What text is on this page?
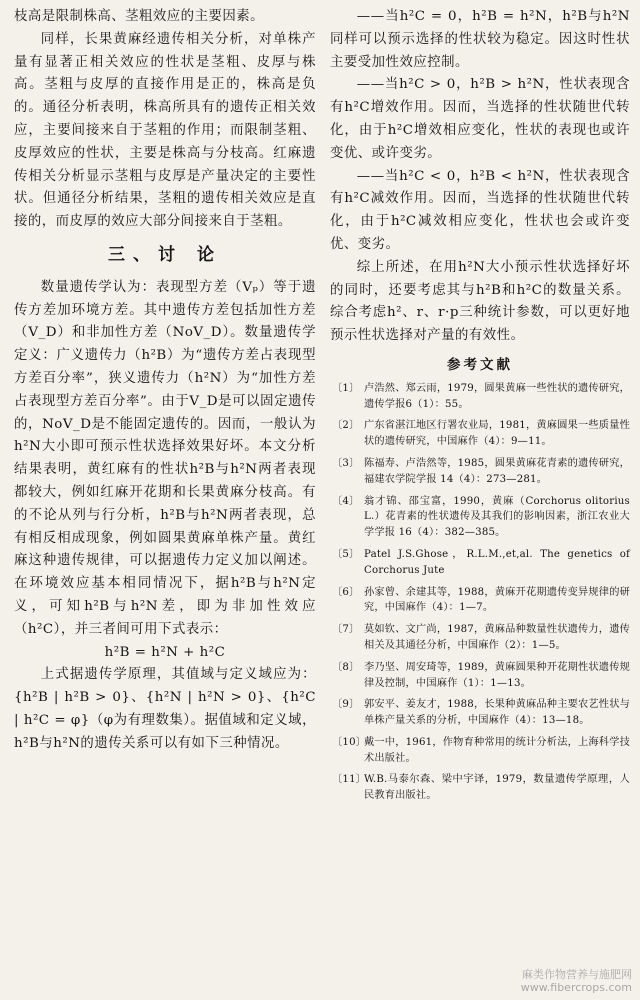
枝高是限制株高、茎粗效应的主要因素。

同样，长果黄麻经遗传相关分析，对单株产量有显著正相关效应的性状是茎粗、皮厚与株高。茎粗与皮厚的直接作用是正的，株高是负的。通径分析表明，株高所具有的遗传正相关效应，主要间接来自于茎粗的作用；而限制茎粗、皮厚效应的性状，主要是株高与分枝高。红麻遗传相关分析显示茎粗与皮厚是产量决定的主要性状。但通径分析结果，茎粗的遗传相关效应是直接的，而皮厚的效应大部分间接来自于茎粗。

三、讨 论

数量遗传学认为：表现型方差（Vₚ）等于遗传方差加环境方差。其中遗传方差包括加性方差（V_D）和非加性方差（NoV_D）。数量遗传学定义：广义遗传力（h²B）为“遗传方差占表现型方差百分率”，狭义遗传力（h²N）为“加性方差占表现型方差百分率”。由于V_D是可以固定遗传的，NoV_D是不能固定遗传的。因而，一般认为h²N大小即可预示性状选择效果好坏。本文分析结果表明，黄红麻有的性状h²B与h²N两者表现都较大，例如红麻开花期和长果黄麻分枝高。有的不论从列与行分析，h²B与h²N两者表现，总有相反相成现象，例如圆果黄麻单株产量。黄红麻这种遗传规律，可以据遗传力定义加以阐述。在环境效应基本相同情况下，据h²B与h²N定义，可知h²B与h²N差，即为非加性效应（h²C），并三者间可用下式表示：

h²B = h²N + h²C

上式据遗传学原理，其值域与定义域应为：{h²B | h²B > 0}、{h²N | h²N > 0}、{h²C | h²C = φ}（φ为有理数集）。据值域和定义域，h²B与h²N的遗传关系可以有如下三种情况。

——当h²C = 0，h²B = h²N，h²B与h²N同样可以预示选择的性状较为稳定。因这时性状主要受加性效应控制。

——当h²C > 0，h²B > h²N，性状表现含有h²C增效作用。因而，当选择的性状随世代转化，由于h²C增效相应变化，性状的表现也或许变优、或许变劣。

——当h²C < 0，h²B < h²N，性状表现含有h²C减效作用。因而，当选择的性状随世代转化，由于h²C减效相应变化，性状也会或许变优、变劣。

综上所述，在用h²N大小预示性状选择好坏的同时，还要考虑其与h²B和h²C的数量关系。综合考虑h²、r、r·p三种统计参数，可以更好地预示性状选择对产量的有效性。

参考文献

〔1〕 卢浩然、郑云雨，1979，圆果黄麻一些性状的遗传研究，遗传学报6（1）：55。
〔2〕 广东省湛江地区行署农业局，1981，黄麻圆果一些质量性状的遗传研究，中国麻作（4）：9—11。
〔3〕 陈福寿、卢浩然等，1985，圆果黄麻花青素的遗传研究，福建农学院学报 14（4）：273—281。
〔4〕 翁才锦、邵宝富，1990，黄麻（Corchorus olitorius L.）花青素的性状遗传及其我们的影响因素，浙江农业大学学报 16（4）：382—385。
〔5〕 Patel J.S.Ghose，R.L.M.,et,al. The genetics of Corchorus Jute
〔6〕 孙家曾、余建其等，1988，黄麻开花期遗传变异规律的研究，中国麻作（4）：1—7。
〔7〕 莫如钦、文广尚，1987，黄麻品种数量性状遗传力，遗传相关及其通径分析，中国麻作（2）：1—5。
〔8〕 李乃坚、周安琦等，1989，黄麻圆果种开花期性状遗传规律及控制，中国麻作（1）：1—13。
〔9〕 郭安平、姜友才，1988，长果种黄麻品种主要农艺性状与单株产量关系的分析，中国麻作（4）：13—18。
〔10〕
戴一中，1961，作物育种常用的统计分析法，上海科学技术出版社。
〔11〕
W.B.马泰尔森、梁中宇译，1979，数量遗传学原理，人民教育出版社。
麻类作物营养与施肥网
www.fibercrops.com
